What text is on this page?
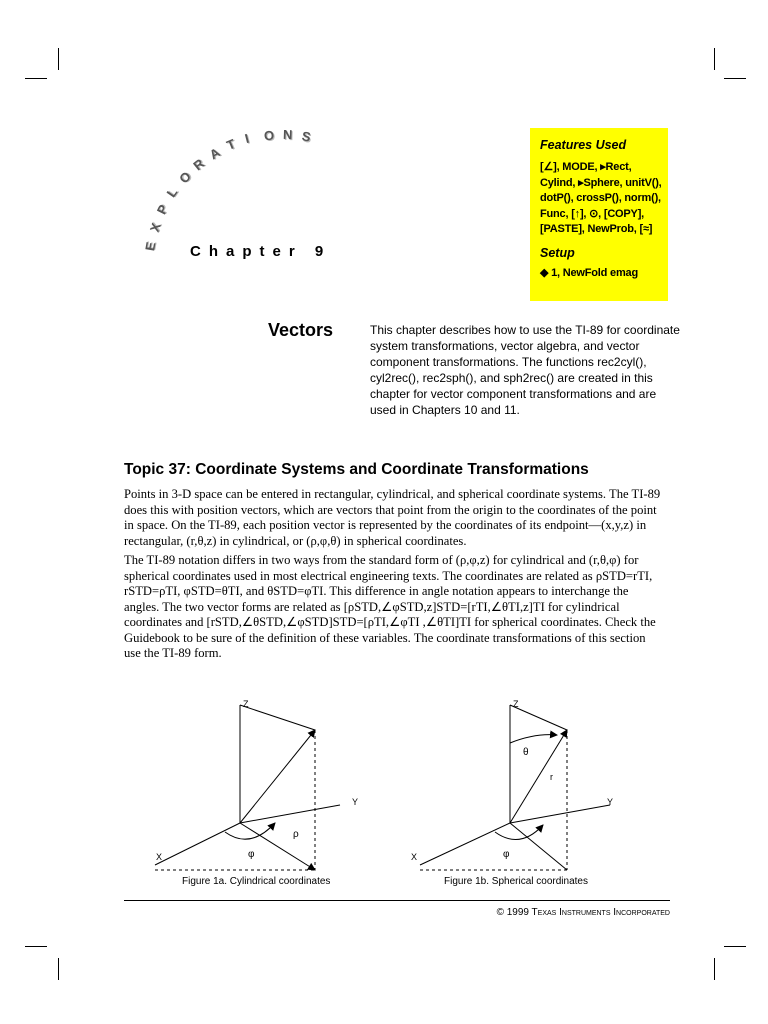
E
X
P
L
O
R
A T I O N S
Chapter 9
Features Used
[∠], MODE, ▸Rect, Cylind, ▸Sphere, unitV(), dotP(), crossP(), norm(), Func, [↑], ⊙, [COPY], [PASTE], NewProb, [≈]
Setup
◆ 1, NewFold emag
Vectors	This chapter describes how to use the TI-89 for coordinate system transformations, vector algebra, and vector component transformations. The functions rec2cyl(), cyl2rec(), rec2sph(), and sph2rec() are created in this chapter for vector component transformations and are used in Chapters 10 and 11.
Topic 37: Coordinate Systems and Coordinate Transformations

Points in 3-D space can be entered in rectangular, cylindrical, and spherical coordinate systems. The TI-89 does this with position vectors, which are vectors that point from the origin to the coordinates of the point in space. On the TI-89, each position vector is represented by the coordinates of its endpoint—(x,y,z) in rectangular, (r,θ,z) in cylindrical, or (ρ,φ,θ) in spherical coordinates.

The TI-89 notation differs in two ways from the standard form of (ρ,φ,z) for cylindrical and (r,θ,φ) for spherical coordinates used in most electrical engineering texts. The coordinates are related as ρSTD=rTI, rSTD=ρTI, φSTD=θTI, and θSTD=φTI. This difference in angle notation appears to interchange the angles. The two vector forms are related as [ρSTD,∠φSTD,z]STD=[rTI,∠θTI,z]TI for cylindrical coordinates and [rSTD,∠θSTD,∠φSTD]STD=[ρTI,∠φTI ,∠θTI]TI for spherical coordinates. Check the Guidebook to be sure of the definition of these variables. The coordinate transformations of this section use the TI-89 form.

Z
Y
X
ρ
φ
Figure 1a. Cylindrical coordinates
Z
Y
X
θ
r
φ
Figure 1b. Spherical coordinates
© 1999 Texas Instruments Incorporated
